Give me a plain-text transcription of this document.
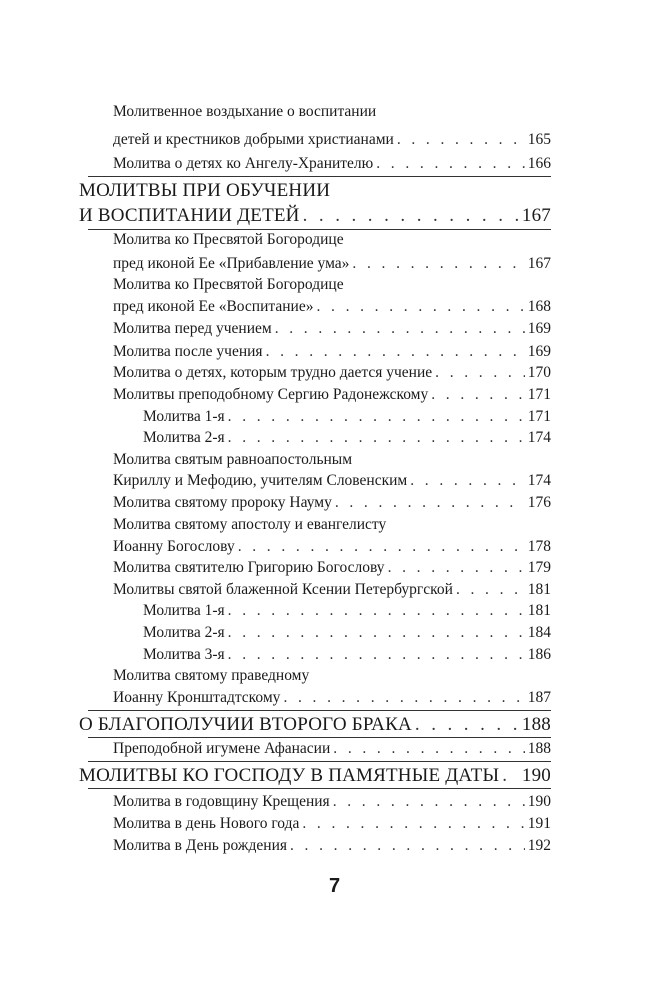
Молитвенное воздыхание о воспитании
детей и крестников добрыми христианами . . .	165
Молитва о детях ко Ангелу-Хранителю . . .	166
МОЛИТВЫ ПРИ ОБУЧЕНИИ
И ВОСПИТАНИИ ДЕТЕЙ . . .	167
Молитва ко Пресвятой Богородице
пред иконой Ее «Прибавление ума» . . .	167
Молитва ко Пресвятой Богородице
пред иконой Ее «Воспитание» . . .	168
Молитва перед учением . . .	169
Молитва после учения . . .	169
Молитва о детях, которым трудно дается учение . . .	170
Молитвы преподобному Сергию Радонежскому . . .	171
Молитва 1-я . . .	171
Молитва 2-я . . .	174
Молитва святым равноапостольным
Кириллу и Мефодию, учителям Словенским . . .	174
Молитва святому пророку Науму . . .	176
Молитва святому апостолу и евангелисту
Иоанну Богослову . . .	178
Молитва святителю Григорию Богослову . . .	179
Молитвы святой блаженной Ксении Петербургской . . .	181
Молитва 1-я . . .	181
Молитва 2-я . . .	184
Молитва 3-я . . .	186
Молитва святому праведному
Иоанну Кронштадтскому . . .	187
О БЛАГОПОЛУЧИИ ВТОРОГО БРАКА . . .	188
Преподобной игумене Афанасии . . .	188
МОЛИТВЫ КО ГОСПОДУ В ПАМЯТНЫЕ ДАТЫ . . . 190
Молитва в годовщину Крещения . . .	190
Молитва в день Нового года . . .	191
Молитва в День рождения . . .	192
7
